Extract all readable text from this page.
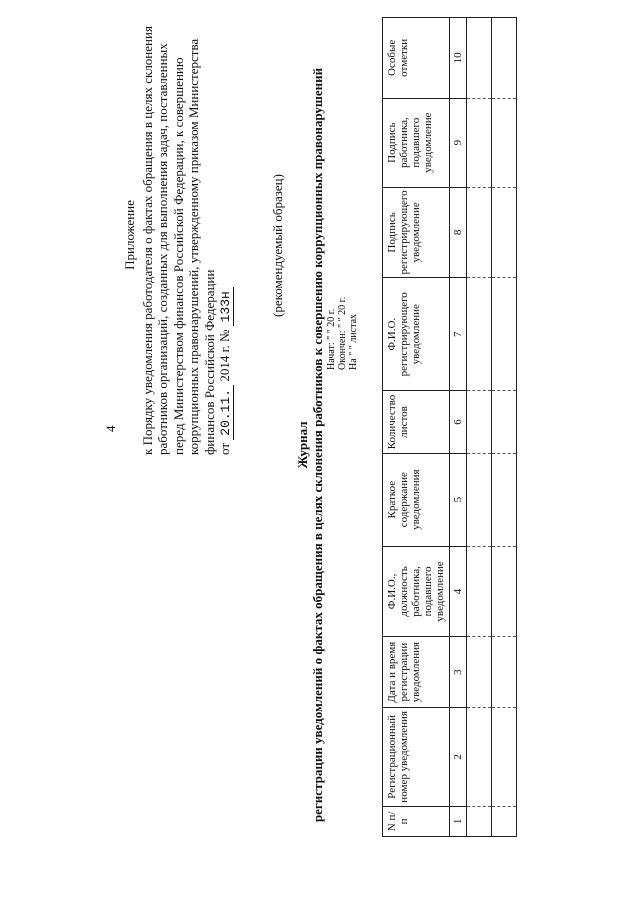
4
Приложение к Порядку уведомления работодателя о фактах обращения в целях склонения работников организаций, созданных для выполнения задач, поставленных перед Министерством финансов Российской Федерации, к совершению коррупционных правонарушений, утвержденному приказом Министерства финансов Российской Федерации от 20.11. 2014 г. № 133н	(рекомендуемый образец)
Журнал регистрации уведомлений о фактах обращения в целях склонения работников к совершению коррупционных правонарушений Начат: " " 20 г. Окончен: " " 20 г. На " " листах
N п/п	Регистрационный номер уведомления	Дата и время регистрации уведомления	Ф.И.О., должность работника, подавшего уведомление	Краткое содержание уведомления	Количество листов	Ф.И.О. регистрирующего уведомление	Подпись регистрирующего уведомление	Подпись работника, подавшего уведомление	Особые отметки
1	2	3	4	5	6	7	8	9	10
